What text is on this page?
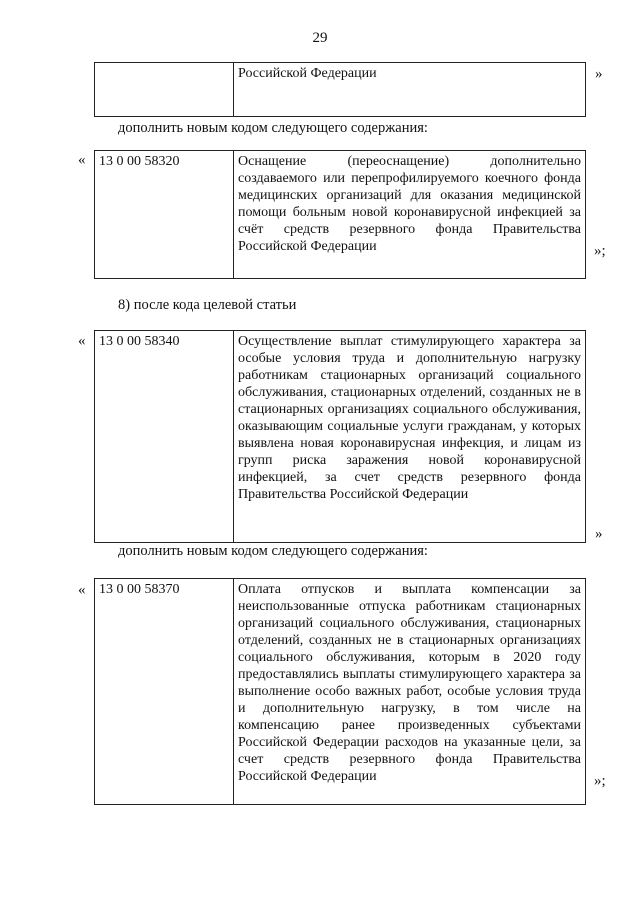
29
	Российской Федерации	»
дополнить новым кодом следующего содержания:
« 13 0 00 58320	Оснащение (переоснащение) дополнительно создаваемого или перепрофилируемого коечного фонда медицинских организаций для оказания медицинской помощи больным новой коронавирусной инфекцией за счёт средств резервного фонда Правительства Российской Федерации	»;
8) после кода целевой статьи
« 13 0 00 58340	Осуществление выплат стимулирующего характера за особые условия труда и дополнительную нагрузку работникам стационарных организаций социального обслуживания, стационарных отделений, созданных не в стационарных организациях социального обслуживания, оказывающим социальные услуги гражданам, у которых выявлена новая коронавирусная инфекция, и лицам из групп риска заражения новой коронавирусной инфекцией, за счет средств резервного фонда Правительства Российской Федерации
»
дополнить новым кодом следующего содержания:
« 13 0 00 58370	Оплата отпусков и выплата компенсации за неиспользованные отпуска работникам стационарных организаций социального обслуживания, стационарных отделений, созданных не в стационарных организациях социального обслуживания, которым в 2020 году предоставлялись выплаты стимулирующего характера за выполнение особо важных работ, особые условия труда и дополнительную нагрузку, в том числе на компенсацию ранее произведенных субъектами Российской Федерации расходов на указанные цели, за счет средств резервного фонда Правительства Российской Федерации	»;
